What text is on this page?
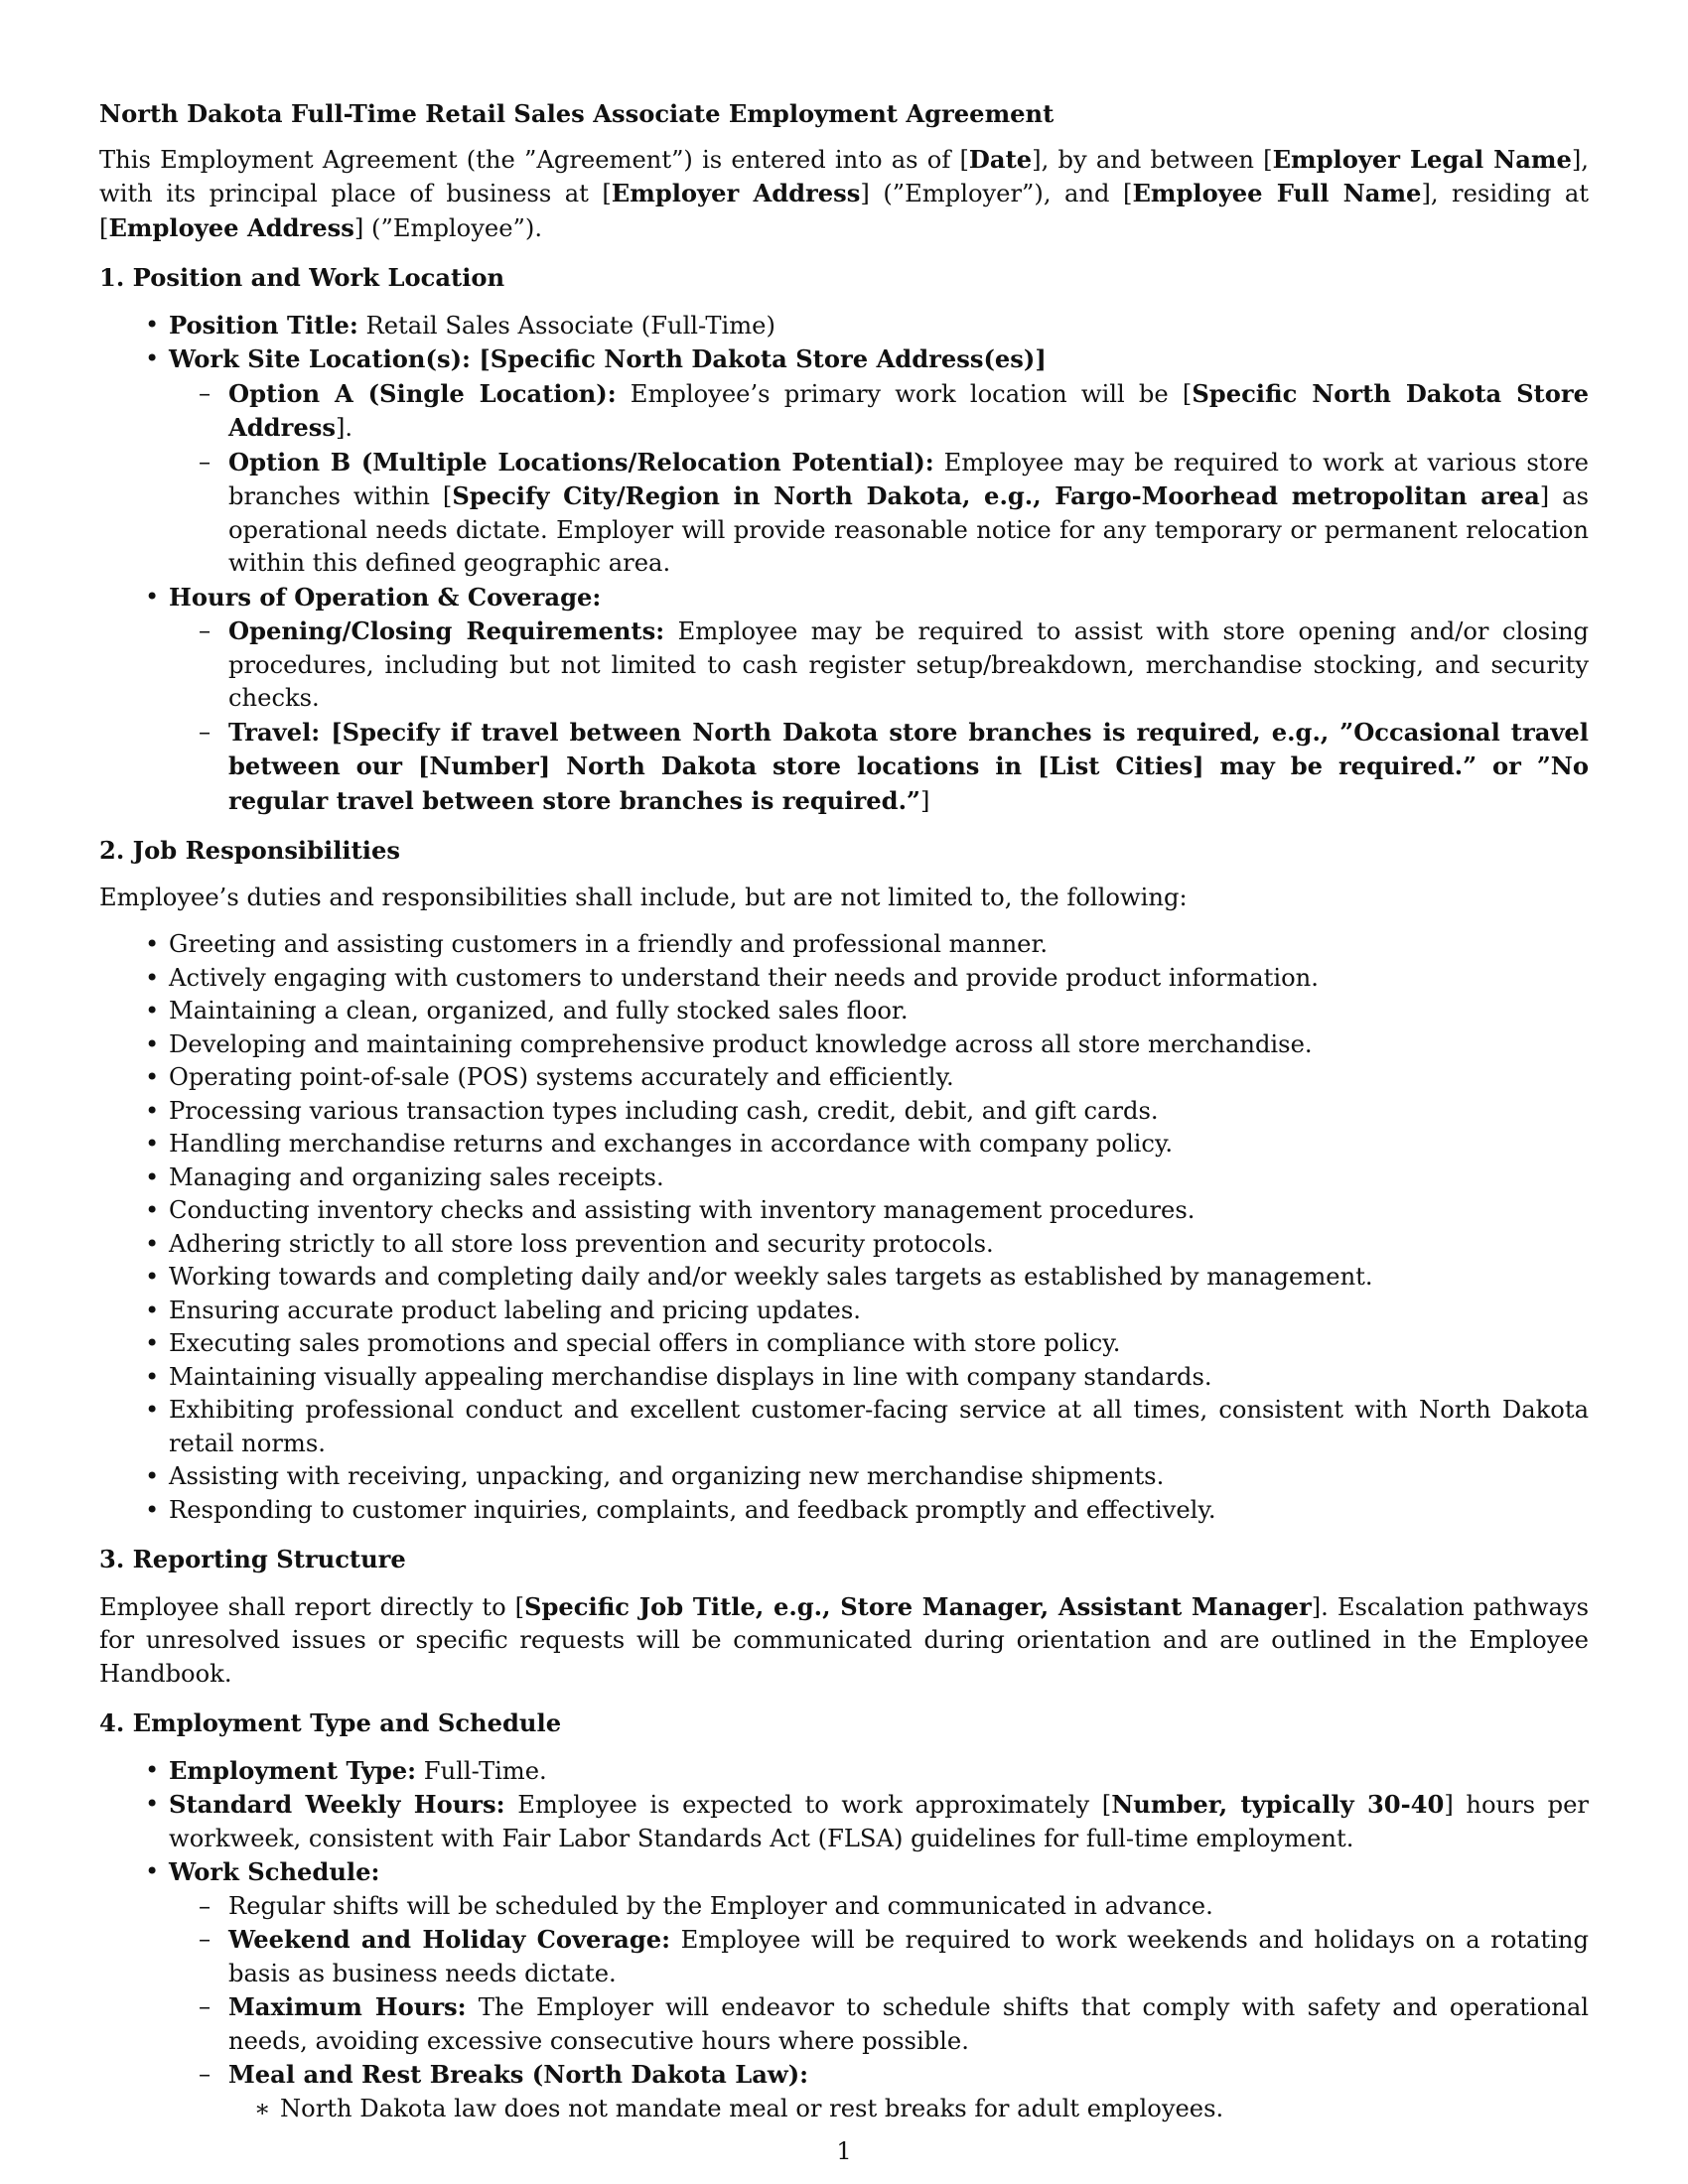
North Dakota Full-Time Retail Sales Associate Employment Agreement

This Employment Agreement (the ”Agreement”) is entered into as of [Date], by and between [Employer Legal Name], with its principal place of business at [Employer Address] (”Employer”), and [Employee Full Name], residing at [Employee Address] (”Employee”).

1. Position and Work Location
• Position Title: Retail Sales Associate (Full-Time)
• Work Site Location(s): [Specific North Dakota Store Address(es)]
– Option A (Single Location): Employee’s primary work location will be [Specific North Dakota Store Address].
– Option B (Multiple Locations/Relocation Potential): Employee may be required to work at various store branches within [Specify City/Region in North Dakota, e.g., Fargo-Moorhead metropolitan area] as operational needs dictate. Employer will provide reasonable notice for any temporary or permanent relocation within this defined geographic area.
• Hours of Operation & Coverage:
– Opening/Closing Requirements: Employee may be required to assist with store opening and/or closing procedures, including but not limited to cash register setup/breakdown, merchandise stocking, and security checks.
– Travel: [Specify if travel between North Dakota store branches is required, e.g., ”Occasional travel between our [Number] North Dakota store locations in [List Cities] may be required.” or ”No regular travel between store branches is required.”]
2. Job Responsibilities

Employee’s duties and responsibilities shall include, but are not limited to, the following:

• Greeting and assisting customers in a friendly and professional manner.
• Actively engaging with customers to understand their needs and provide product information.
• Maintaining a clean, organized, and fully stocked sales floor.
• Developing and maintaining comprehensive product knowledge across all store merchandise.
• Operating point-of-sale (POS) systems accurately and efficiently.
• Processing various transaction types including cash, credit, debit, and gift cards.
• Handling merchandise returns and exchanges in accordance with company policy.
• Managing and organizing sales receipts.
• Conducting inventory checks and assisting with inventory management procedures.
• Adhering strictly to all store loss prevention and security protocols.
• Working towards and completing daily and/or weekly sales targets as established by management.
• Ensuring accurate product labeling and pricing updates.
• Executing sales promotions and special offers in compliance with store policy.
• Maintaining visually appealing merchandise displays in line with company standards.
• Exhibiting professional conduct and excellent customer-facing service at all times, consistent with North Dakota retail norms.
• Assisting with receiving, unpacking, and organizing new merchandise shipments.
• Responding to customer inquiries, complaints, and feedback promptly and effectively.
3. Reporting Structure

Employee shall report directly to [Specific Job Title, e.g., Store Manager, Assistant Manager]. Escalation pathways for unresolved issues or specific requests will be communicated during orientation and are outlined in the Employee Handbook.

4. Employment Type and Schedule
• Employment Type: Full-Time.
• Standard Weekly Hours: Employee is expected to work approximately [Number, typically 30-40] hours per workweek, consistent with Fair Labor Standards Act (FLSA) guidelines for full-time employment.
• Work Schedule:
– Regular shifts will be scheduled by the Employer and communicated in advance.
– Weekend and Holiday Coverage: Employee will be required to work weekends and holidays on a rotating basis as business needs dictate.
– Maximum Hours: The Employer will endeavor to schedule shifts that comply with safety and operational needs, avoiding excessive consecutive hours where possible.
– Meal and Rest Breaks (North Dakota Law):
∗ North Dakota law does not mandate meal or rest breaks for adult employees.
1
